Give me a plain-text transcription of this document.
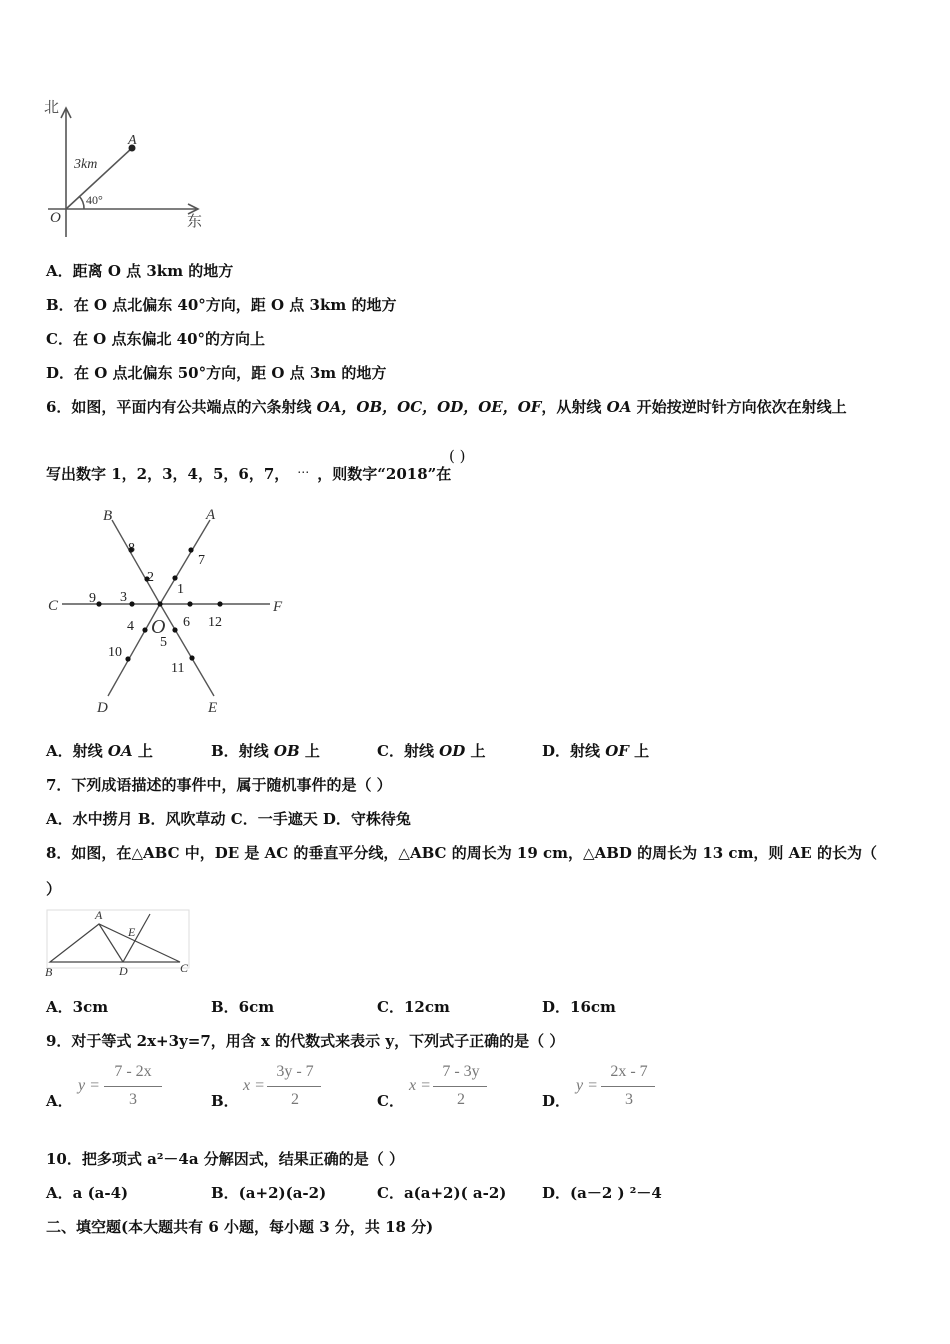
北
东
O
A
3km
40°
A．距离 O 点 3km 的地方
B．在 O 点北偏东 40°方向，距 O 点 3km 的地方
C．在 O 点东偏北 40°的方向上
D．在 O 点北偏东 50°方向，距 O 点 3m 的地方
6．如图，平面内有公共端点的六条射线 OA，OB，OC，OD，OE，OF，从射线 OA 开始按逆时针方向依次在射线上
写出数字 1，2，3，4，5，6，7， … ，则数字“2018”在
( )
A
B
C
D	E
F
O
1
2
3
4
5
6
7
8
9
10
11
12
A．射线 OA 上	B．射线 OB 上	C．射线 OD 上	D．射线 OF 上
7．下列成语描述的事件中，属于随机事件的是（ ）
A．水中捞月 B．风吹草动 C．一手遮天 D．守株待兔
8．如图，在△ABC 中，DE 是 AC 的垂直平分线，△ABC 的周长为 19 cm，△ABD 的周长为 13 cm，则 AE 的长为（
）
A
B	C
D
E
A．3cm	B．6cm	C．12cm	D．16cm
9．对于等式 2x+3y=7，用含 x 的代数式来表示 y，下列式子正确的是（ ）
A．
y =
7 - 2x
3	B．
x =
3y - 7
2	C．
x =
7 - 3y
2	D．
y =
2x - 7
3
10．把多项式 a²－4a 分解因式，结果正确的是（ ）
A．a (a-4)	B．(a+2)(a-2)	C．a(a+2)( a-2) D．(a－2 ) ²－4
二、填空题(本大题共有 6 小题，每小题 3 分，共 18 分)
